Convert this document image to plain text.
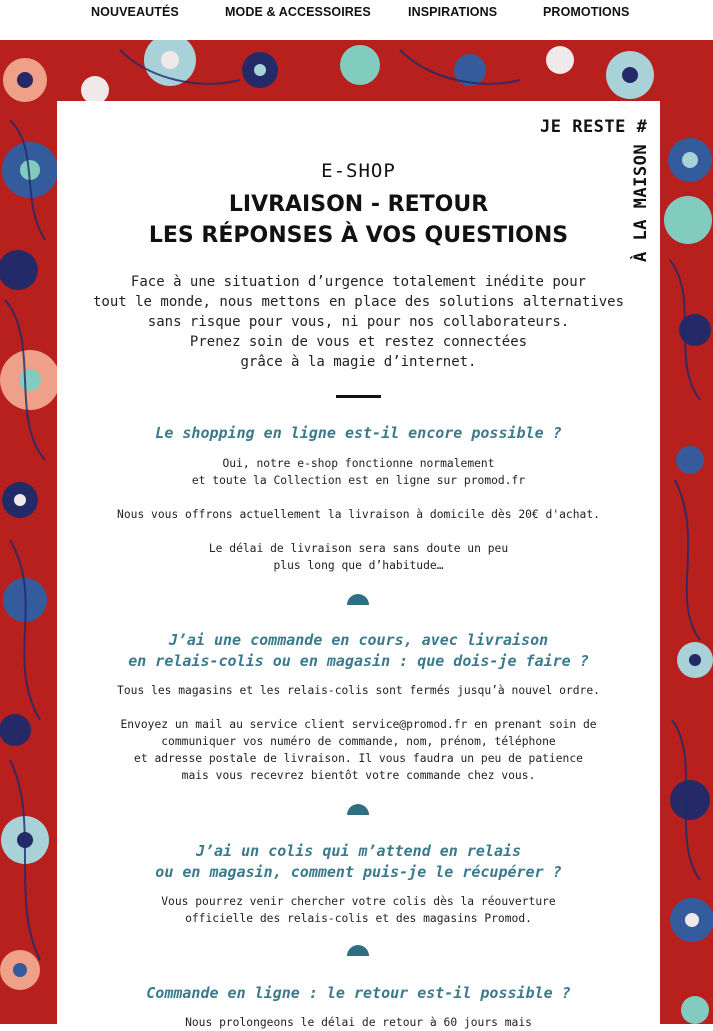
NOUVEAUTÉS	MODE & ACCESSOIRES	INSPIRATIONS	PROMOTIONS
JE RESTE #
À LA MAISON
E-SHOP
LIVRAISON - RETOUR
LES RÉPONSES À VOS QUESTIONS
Face à une situation d’urgence totalement inédite pour
tout le monde, nous mettons en place des solutions alternatives
sans risque pour vous, ni pour nos collaborateurs.
Prenez soin de vous et restez connectées
grâce à la magie d’internet.
Le shopping en ligne est-il encore possible ?
Oui, notre e-shop fonctionne normalement
et toute la Collection est en ligne sur promod.fr
Nous vous offrons actuellement la livraison à domicile dès 20€ d'achat.
Le délai de livraison sera sans doute un peu
plus long que d’habitude…
J’ai une commande en cours, avec livraison
en relais-colis ou en magasin : que dois-je faire ?
Tous les magasins et les relais-colis sont fermés jusqu’à nouvel ordre.
Envoyez un mail au service client service@promod.fr en prenant soin de
communiquer vos numéro de commande, nom, prénom, téléphone
et adresse postale de livraison. Il vous faudra un peu de patience
mais vous recevrez bientôt votre commande chez vous.
J’ai un colis qui m’attend en relais
ou en magasin, comment puis-je le récupérer ?
Vous pourrez venir chercher votre colis dès la réouverture
officielle des relais-colis et des magasins Promod.
Commande en ligne : le retour est-il possible ?
Nous prolongeons le délai de retour à 60 jours mais
